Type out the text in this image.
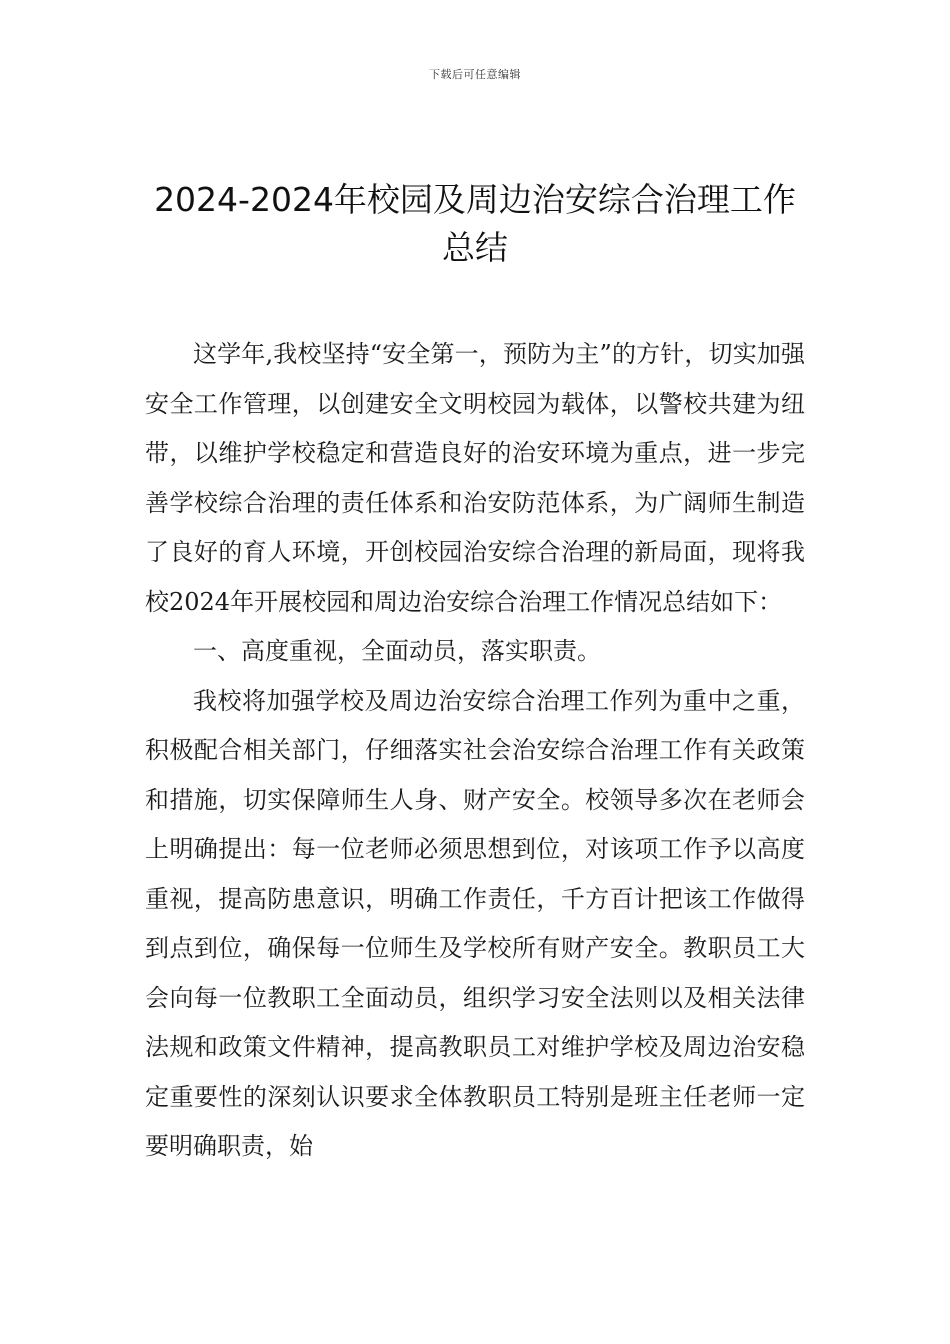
下载后可任意编辑
2024-2024年校园及周边治安综合治理工作
总结

这学年,我校坚持“安全第一，预防为主”的方针，切实加强安全工作管理，以创建安全文明校园为载体，以警校共建为纽带，以维护学校稳定和营造良好的治安环境为重点，进一步完善学校综合治理的责任体系和治安防范体系，为广阔师生制造了良好的育人环境，开创校园治安综合治理的新局面，现将我校2024年开展校园和周边治安综合治理工作情况总结如下：

一、高度重视，全面动员，落实职责。

我校将加强学校及周边治安综合治理工作列为重中之重，积极配合相关部门，仔细落实社会治安综合治理工作有关政策和措施，切实保障师生人身、财产安全。校领导多次在老师会上明确提出：每一位老师必须思想到位，对该项工作予以高度重视，提高防患意识，明确工作责任，千方百计把该工作做得到点到位，确保每一位师生及学校所有财产安全。教职员工大会向每一位教职工全面动员，组织学习安全法则以及相关法律法规和政策文件精神，提高教职员工对维护学校及周边治安稳定重要性的深刻认识要求全体教职员工特别是班主任老师一定要明确职责，始
